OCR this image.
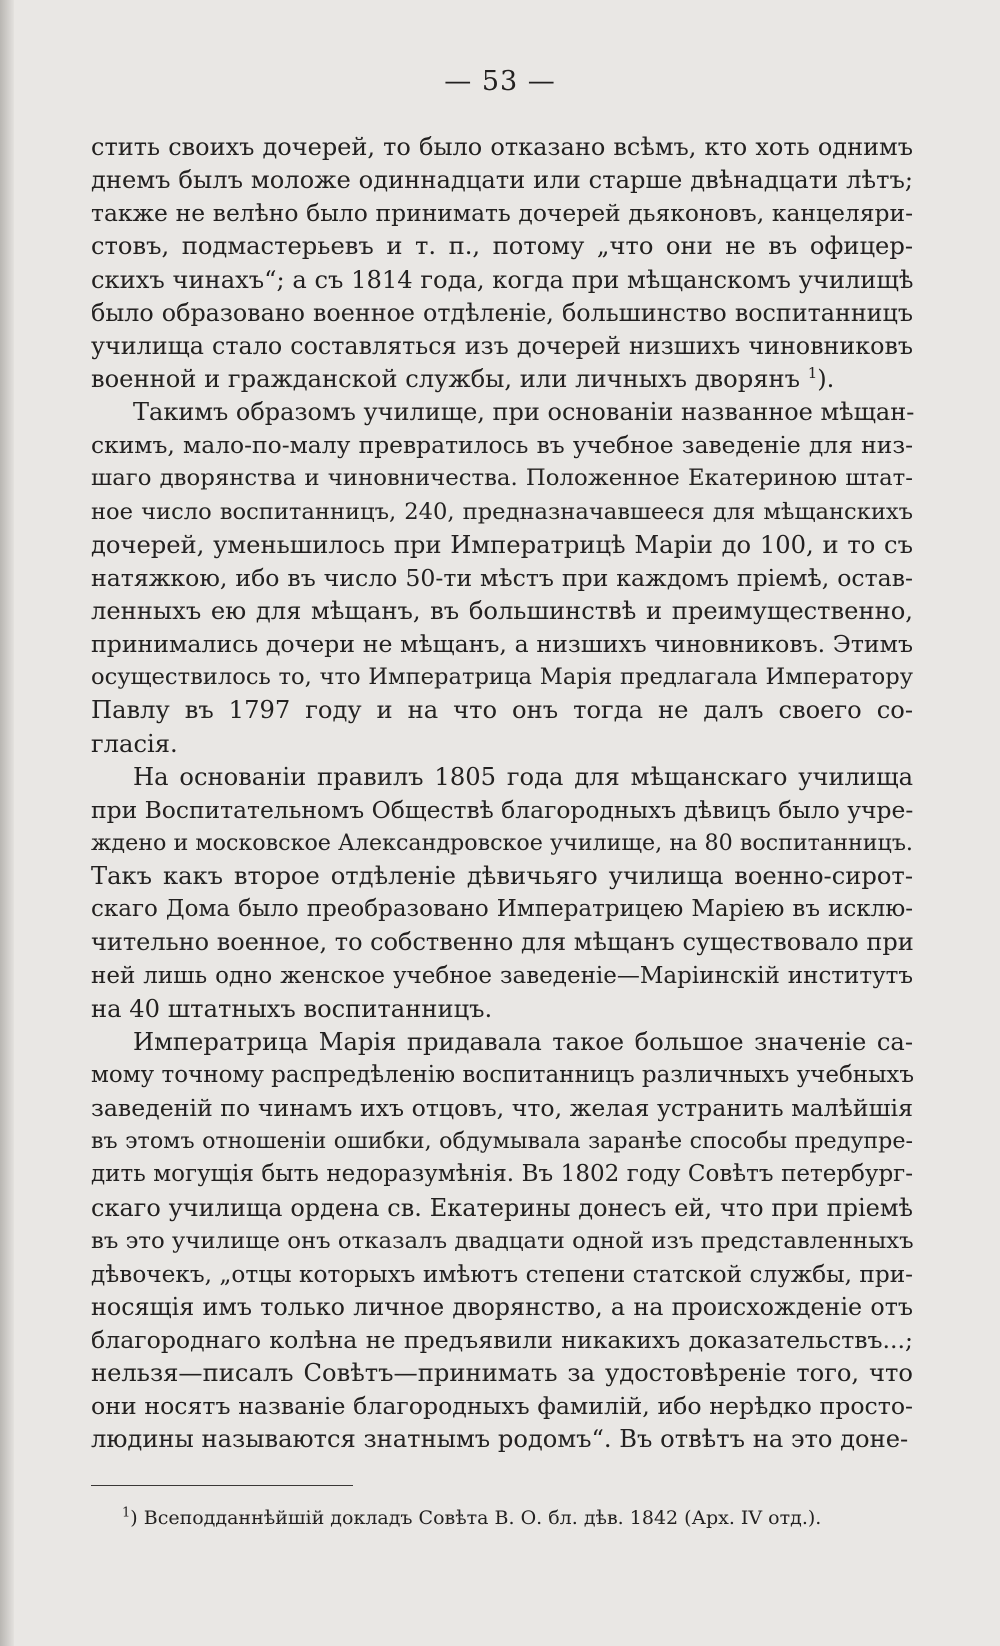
— 53 —
стить своихъ дочерей, то было отказано всѣмъ, кто хоть однимъ
днемъ былъ моложе одиннадцати или старше двѣнадцати лѣтъ;
также не велѣно было принимать дочерей дьяконовъ, канцеляри-
стовъ, подмастерьевъ и т. п., потому „что они не въ офицер-
скихъ чинахъ“; а съ 1814 года, когда при мѣщанскомъ училищѣ
было образовано военное отдѣленіе, большинство воспитанницъ
училища стало составляться изъ дочерей низшихъ чиновниковъ
военной и гражданской службы, или личныхъ дворянъ $^1$).
Такимъ образомъ училище, при основаніи названное мѣщан-
скимъ, мало-по-малу превратилось въ учебное заведеніе для низ-
шаго дворянства и чиновничества. Положенное Екатериною штат-
ное число воспитанницъ, 240, предназначавшееся для мѣщанскихъ
дочерей, уменьшилось при Императрицѣ Маріи до 100, и то съ
натяжкою, ибо въ число 50-ти мѣстъ при каждомъ пріемѣ, остав-
ленныхъ ею для мѣщанъ, въ большинствѣ и преимущественно,
принимались дочери не мѣщанъ, а низшихъ чиновниковъ. Этимъ
осуществилось то, что Императрица Марія предлагала Императору
Павлу въ 1797 году и на что онъ тогда не далъ своего со-
гласія.
На основаніи правилъ 1805 года для мѣщанскаго училища
при Воспитательномъ Обществѣ благородныхъ дѣвицъ было учре-
ждено и московское Александровское училище, на 80 воспитанницъ.
Такъ какъ второе отдѣленіе дѣвичьяго училища военно-сирот-
скаго Дома было преобразовано Императрицею Маріею въ исклю-
чительно военное, то собственно для мѣщанъ существовало при
ней лишь одно женское учебное заведеніе—Маріинскій институтъ
на 40 штатныхъ воспитанницъ.
Императрица Марія придавала такое большое значеніе са-
мому точному распредѣленію воспитанницъ различныхъ учебныхъ
заведеній по чинамъ ихъ отцовъ, что, желая устранить малѣйшія
въ этомъ отношеніи ошибки, обдумывала заранѣе способы предупре-
дить могущія быть недоразумѣнія. Въ 1802 году Совѣтъ петербург-
скаго училища ордена св. Екатерины донесъ ей, что при пріемѣ
въ это училище онъ отказалъ двадцати одной изъ представленныхъ
дѣвочекъ, „отцы которыхъ имѣютъ степени статской службы, при-
носящія имъ только личное дворянство, а на происхожденіе отъ
благороднаго колѣна не предъявили никакихъ доказательствъ...;
нельзя—писалъ Совѣтъ—принимать за удостовѣреніе того, что
они носятъ названіе благородныхъ фамилій, ибо нерѣдко просто-
людины называются знатнымъ родомъ“. Въ отвѣтъ на это доне-
$^1$) Всеподданнѣйшій докладъ Совѣта В. О. бл. дѣв. 1842 (Арх. IV отд.).
